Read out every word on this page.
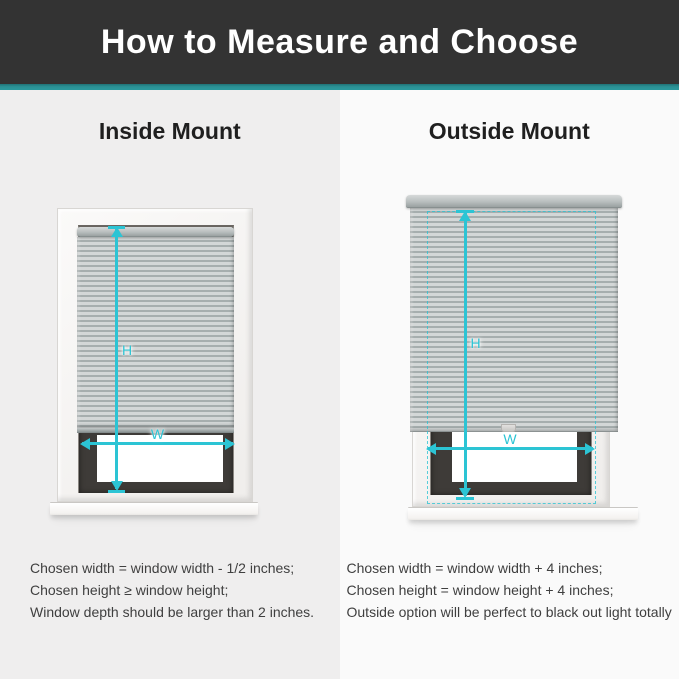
How to Measure and Choose
Inside Mount
H
W

Chosen width = window width - 1/2 inches;

Chosen height ≥ window height;

Window depth should be larger than 2 inches.

Outside Mount
H
W

Chosen width = window width + 4 inches;

Chosen height = window height + 4 inches;

Outside option will be perfect to black out light totally
